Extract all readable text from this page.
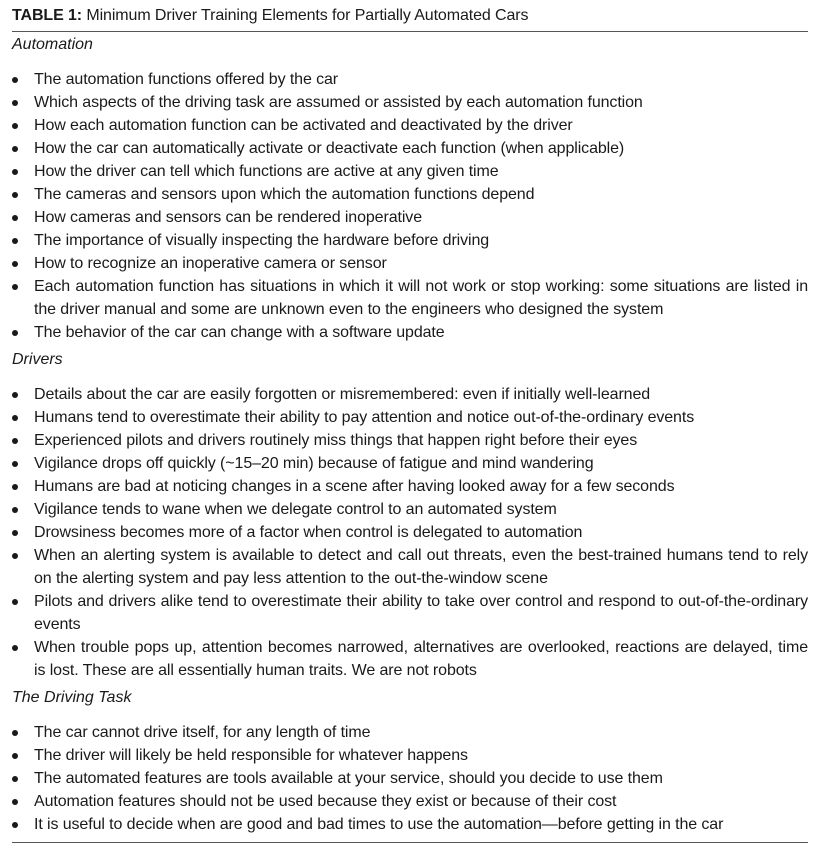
TABLE 1: Minimum Driver Training Elements for Partially Automated Cars
Automation
The automation functions offered by the car
Which aspects of the driving task are assumed or assisted by each automation function
How each automation function can be activated and deactivated by the driver
How the car can automatically activate or deactivate each function (when applicable)
How the driver can tell which functions are active at any given time
The cameras and sensors upon which the automation functions depend
How cameras and sensors can be rendered inoperative
The importance of visually inspecting the hardware before driving
How to recognize an inoperative camera or sensor
Each automation function has situations in which it will not work or stop working: some situations are listed in the driver manual and some are unknown even to the engineers who designed the system
The behavior of the car can change with a software update
Drivers
Details about the car are easily forgotten or misremembered: even if initially well-learned
Humans tend to overestimate their ability to pay attention and notice out-of-the-ordinary events
Experienced pilots and drivers routinely miss things that happen right before their eyes
Vigilance drops off quickly (~15–20 min) because of fatigue and mind wandering
Humans are bad at noticing changes in a scene after having looked away for a few seconds
Vigilance tends to wane when we delegate control to an automated system
Drowsiness becomes more of a factor when control is delegated to automation
When an alerting system is available to detect and call out threats, even the best-trained humans tend to rely on the alerting system and pay less attention to the out-the-window scene
Pilots and drivers alike tend to overestimate their ability to take over control and respond to out-of-the-ordinary events
When trouble pops up, attention becomes narrowed, alternatives are overlooked, reactions are delayed, time is lost. These are all essentially human traits. We are not robots
The Driving Task
The car cannot drive itself, for any length of time
The driver will likely be held responsible for whatever happens
The automated features are tools available at your service, should you decide to use them
Automation features should not be used because they exist or because of their cost
It is useful to decide when are good and bad times to use the automation—before getting in the car
